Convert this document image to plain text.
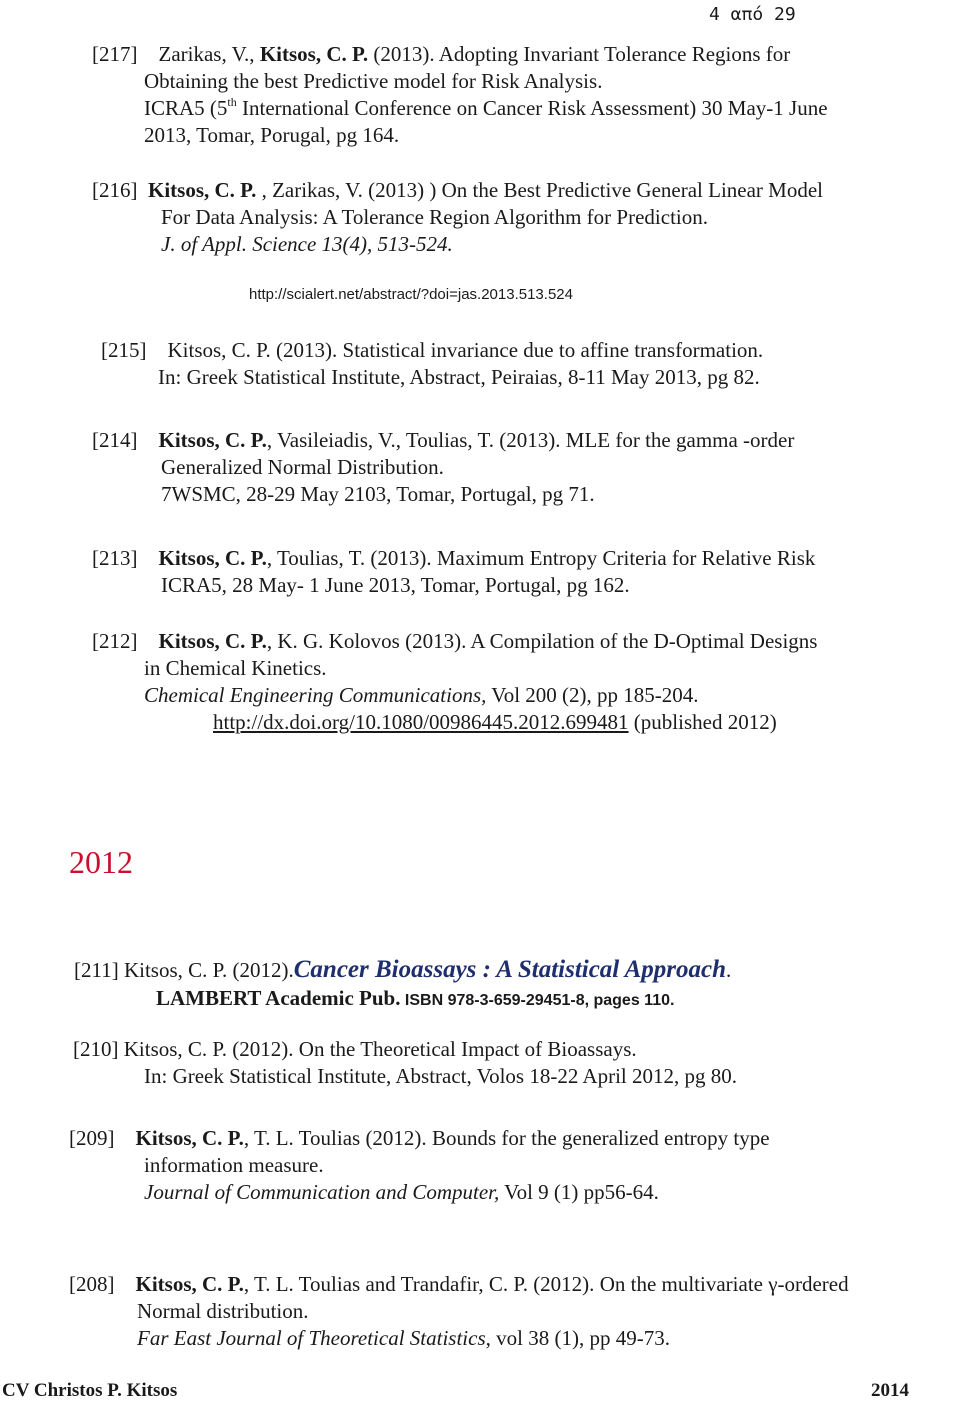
4 από 29
[217] Zarikas, V., Kitsos, C. P. (2013). Adopting Invariant Tolerance Regions for
Obtaining the best Predictive model for Risk Analysis.
ICRA5 (5th International Conference on Cancer Risk Assessment) 30 May-1 June
2013, Tomar, Porugal, pg 164.
[216] Kitsos, C. P. , Zarikas, V. (2013) ) On the Best Predictive General Linear Model
For Data Analysis: A Tolerance Region Algorithm for Prediction.
J. of Appl. Science 13(4), 513-524.
http://scialert.net/abstract/?doi=jas.2013.513.524
[215] Kitsos, C. P. (2013). Statistical invariance due to affine transformation.
In: Greek Statistical Institute, Abstract, Peiraias, 8-11 May 2013, pg 82.
[214] Kitsos, C. P., Vasileiadis, V., Toulias, T. (2013). MLE for the gamma -order
Generalized Normal Distribution.
7WSMC, 28-29 May 2103, Tomar, Portugal, pg 71.
[213] Kitsos, C. P., Toulias, T. (2013). Maximum Entropy Criteria for Relative Risk
ICRA5, 28 May- 1 June 2013, Tomar, Portugal, pg 162.
[212] Kitsos, C. P., K. G. Kolovos (2013). A Compilation of the D-Optimal Designs
in Chemical Kinetics.
Chemical Engineering Communications, Vol 200 (2), pp 185-204.
http://dx.doi.org/10.1080/00986445.2012.699481 (published 2012)
2012
[211] Kitsos, C. P. (2012).Cancer Bioassays : A Statistical Approach.
LAMBERT Academic Pub. ISBN 978-3-659-29451-8, pages 110.
[210] Kitsos, C. P. (2012). On the Theoretical Impact of Bioassays.
In: Greek Statistical Institute, Abstract, Volos 18-22 April 2012, pg 80.
[209] Kitsos, C. P., T. L. Toulias (2012). Bounds for the generalized entropy type
information measure.
Journal of Communication and Computer, Vol 9 (1) pp56-64.
[208] Kitsos, C. P., T. L. Toulias and Trandafir, C. P. (2012). On the multivariate γ-ordered
Normal distribution.
Far East Journal of Theoretical Statistics, vol 38 (1), pp 49-73.
CV Christos P. Kitsos	2014
